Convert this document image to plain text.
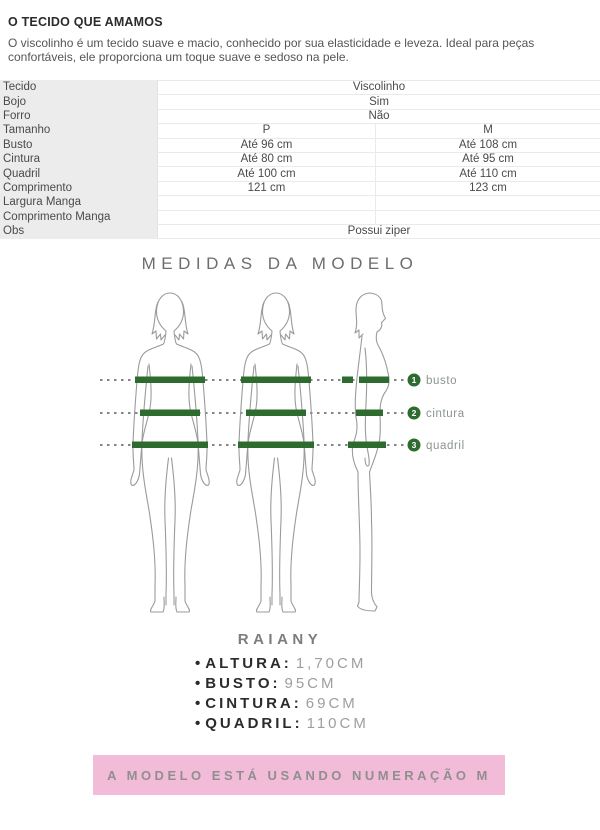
O TECIDO QUE AMAMOS
O viscolinho é um tecido suave e macio, conhecido por sua elasticidade e leveza. Ideal para peças confortáveis, ele proporciona um toque suave e sedoso na pele.
Tecido	Viscolinho	
Bojo	Sim	
Forro	Não	
Tamanho	P	M
Busto	Até 96 cm	Até 108 cm
Cintura	Até 80 cm	Até 95 cm
Quadril	Até 100 cm	Até 110 cm
Comprimento	121 cm	123 cm
Largura Manga		
Comprimento Manga		
Obs	Possui ziper	
MEDIDAS DA MODELO
1 busto
2 cintura
3 quadril
RAIANY
• ALTURA: 1,70CM
• BUSTO: 95CM
• CINTURA: 69CM
• QUADRIL: 110CM
A MODELO ESTÁ USANDO NUMERAÇÃO M
